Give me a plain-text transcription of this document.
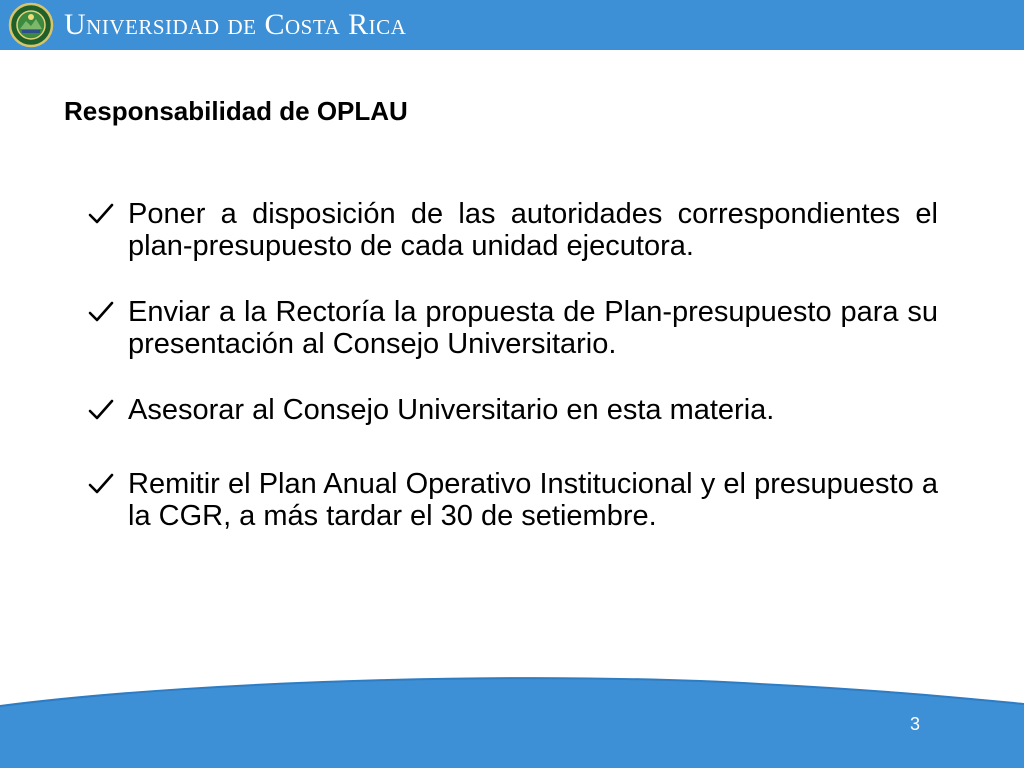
Universidad de Costa Rica
Responsabilidad de OPLAU
Poner a disposición de las autoridades correspondientes el plan-presupuesto de cada unidad ejecutora.
Enviar a la Rectoría la propuesta de Plan-presupuesto para su presentación al Consejo Universitario.
Asesorar al Consejo Universitario en esta materia.
Remitir el Plan Anual Operativo Institucional y el presupuesto a la CGR, a más tardar el 30 de setiembre.
3
